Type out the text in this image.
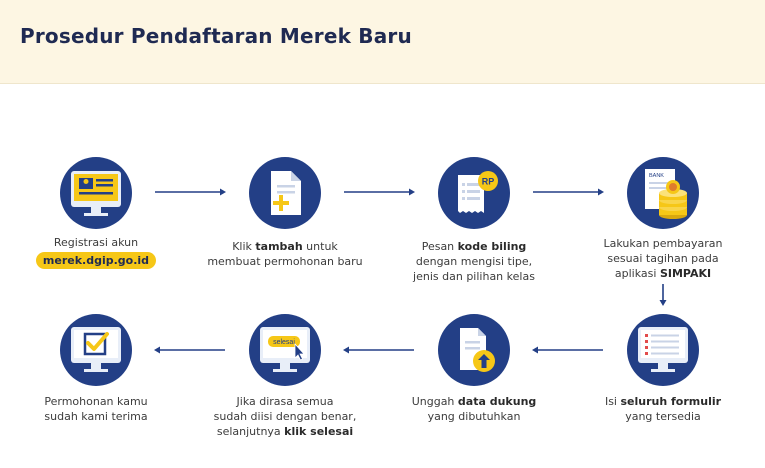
Prosedur Pendaftaran Merek Baru
Registrasi akun
merek.dgip.go.id
Klik tambah untuk
membuat permohonan baru
RP
Pesan kode biling
dengan mengisi tipe,
jenis dan pilihan kelas
BANK
Lakukan pembayaran
sesuai tagihan pada
aplikasi SIMPAKI
Isi seluruh formulir
yang tersedia
Unggah data dukung
yang dibutuhkan
selesai
Jika dirasa semua
sudah diisi dengan benar,
selanjutnya klik selesai
Permohonan kamu
sudah kami terima
